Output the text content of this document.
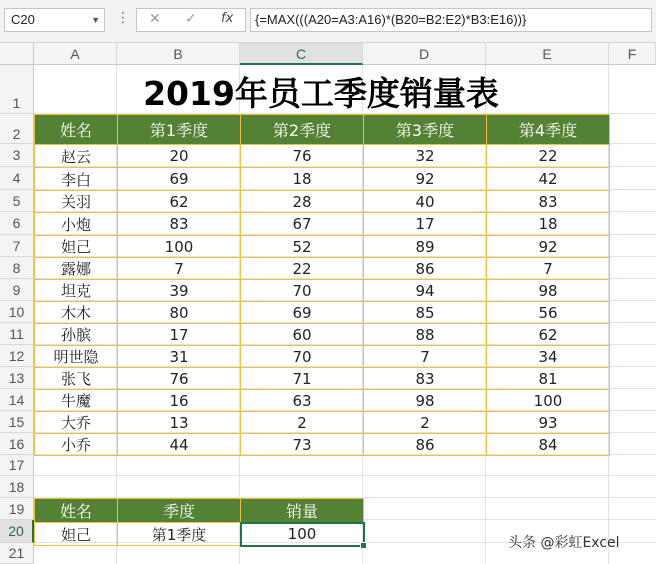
C20	▼ ⋮ ✕ ✓ fx	{=MAX(((A20=A3:A16)*(B20=B2:E2)*B3:E16))}
A	B	C	D	E	F
1
2
3
4
5
6
7
8
9
10
11
12
13
14
15
16
17
18
19
20
21
2019年员工季度销量表
姓名	第1季度	第2季度	第3季度	第4季度
赵云	20	76	32	22
李白	69	18	92	42
关羽	62	28	40	83
小炮	83	67	17	18
妲己	100	52	89	92
露娜	7	22	86	7
坦克	39	70	94	98
木木	80	69	85	56
孙膑	17	60	88	62
明世隐	31	70	7	34
张飞	76	71	83	81
牛魔	16	63	98	100
大乔	13	2	2	93
小乔	44	73	86	84
姓名	季度	销量
妲己	第1季度	100	头条 @彩虹Excel
